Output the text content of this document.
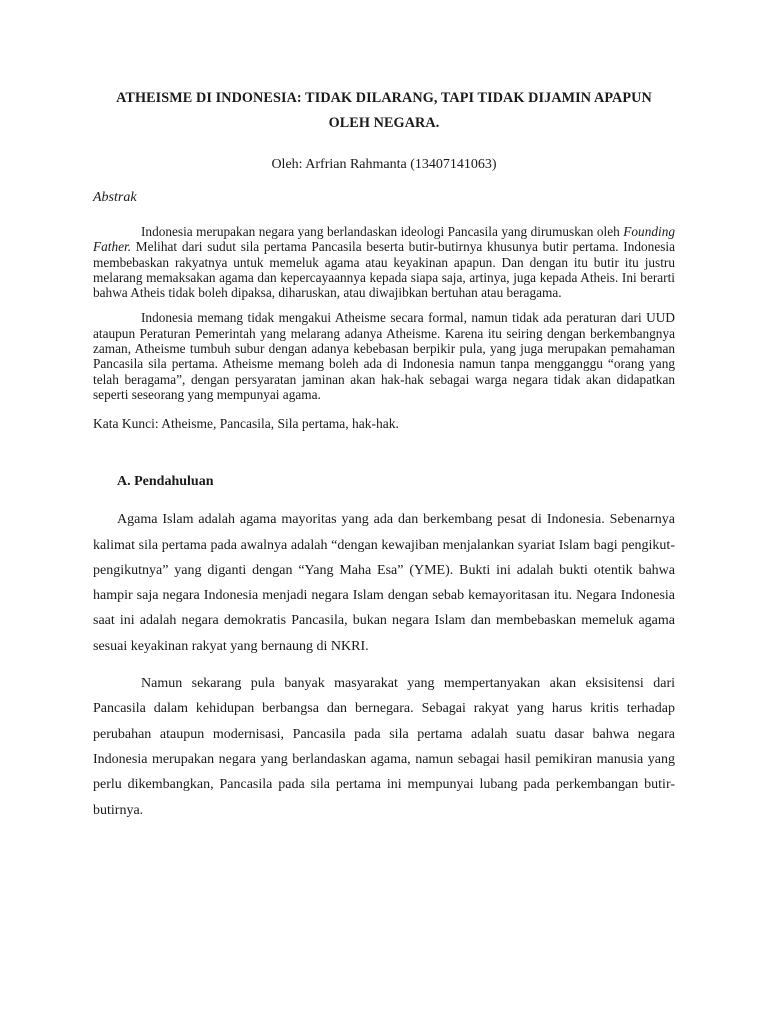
ATHEISME DI INDONESIA: TIDAK DILARANG, TAPI TIDAK DIJAMIN APAPUN
OLEH NEGARA.

Oleh: Arfrian Rahmanta (13407141063)

Abstrak

Indonesia merupakan negara yang berlandaskan ideologi Pancasila yang dirumuskan oleh Founding Father. Melihat dari sudut sila pertama Pancasila beserta butir-butirnya khusunya butir pertama. Indonesia membebaskan rakyatnya untuk memeluk agama atau keyakinan apapun. Dan dengan itu butir itu justru melarang memaksakan agama dan kepercayaannya kepada siapa saja, artinya, juga kepada Atheis. Ini berarti bahwa Atheis tidak boleh dipaksa, diharuskan, atau diwajibkan bertuhan atau beragama.

Indonesia memang tidak mengakui Atheisme secara formal, namun tidak ada peraturan dari UUD ataupun Peraturan Pemerintah yang melarang adanya Atheisme. Karena itu seiring dengan berkembangnya zaman, Atheisme tumbuh subur dengan adanya kebebasan berpikir pula, yang juga merupakan pemahaman Pancasila sila pertama. Atheisme memang boleh ada di Indonesia namun tanpa mengganggu “orang yang telah beragama”, dengan persyaratan jaminan akan hak-hak sebagai warga negara tidak akan didapatkan seperti seseorang yang mempunyai agama.

Kata Kunci: Atheisme, Pancasila, Sila pertama, hak-hak.

A. Pendahuluan

Agama Islam adalah agama mayoritas yang ada dan berkembang pesat di Indonesia. Sebenarnya kalimat sila pertama pada awalnya adalah “dengan kewajiban menjalankan syariat Islam bagi pengikut-pengikutnya” yang diganti dengan “Yang Maha Esa” (YME). Bukti ini adalah bukti otentik bahwa hampir saja negara Indonesia menjadi negara Islam dengan sebab kemayoritasan itu. Negara Indonesia saat ini adalah negara demokratis Pancasila, bukan negara Islam dan membebaskan memeluk agama sesuai keyakinan rakyat yang bernaung di NKRI.

Namun sekarang pula banyak masyarakat yang mempertanyakan akan eksisitensi dari Pancasila dalam kehidupan berbangsa dan bernegara. Sebagai rakyat yang harus kritis terhadap perubahan ataupun modernisasi, Pancasila pada sila pertama adalah suatu dasar bahwa negara Indonesia merupakan negara yang berlandaskan agama, namun sebagai hasil pemikiran manusia yang perlu dikembangkan, Pancasila pada sila pertama ini mempunyai lubang pada perkembangan butir-butirnya.
